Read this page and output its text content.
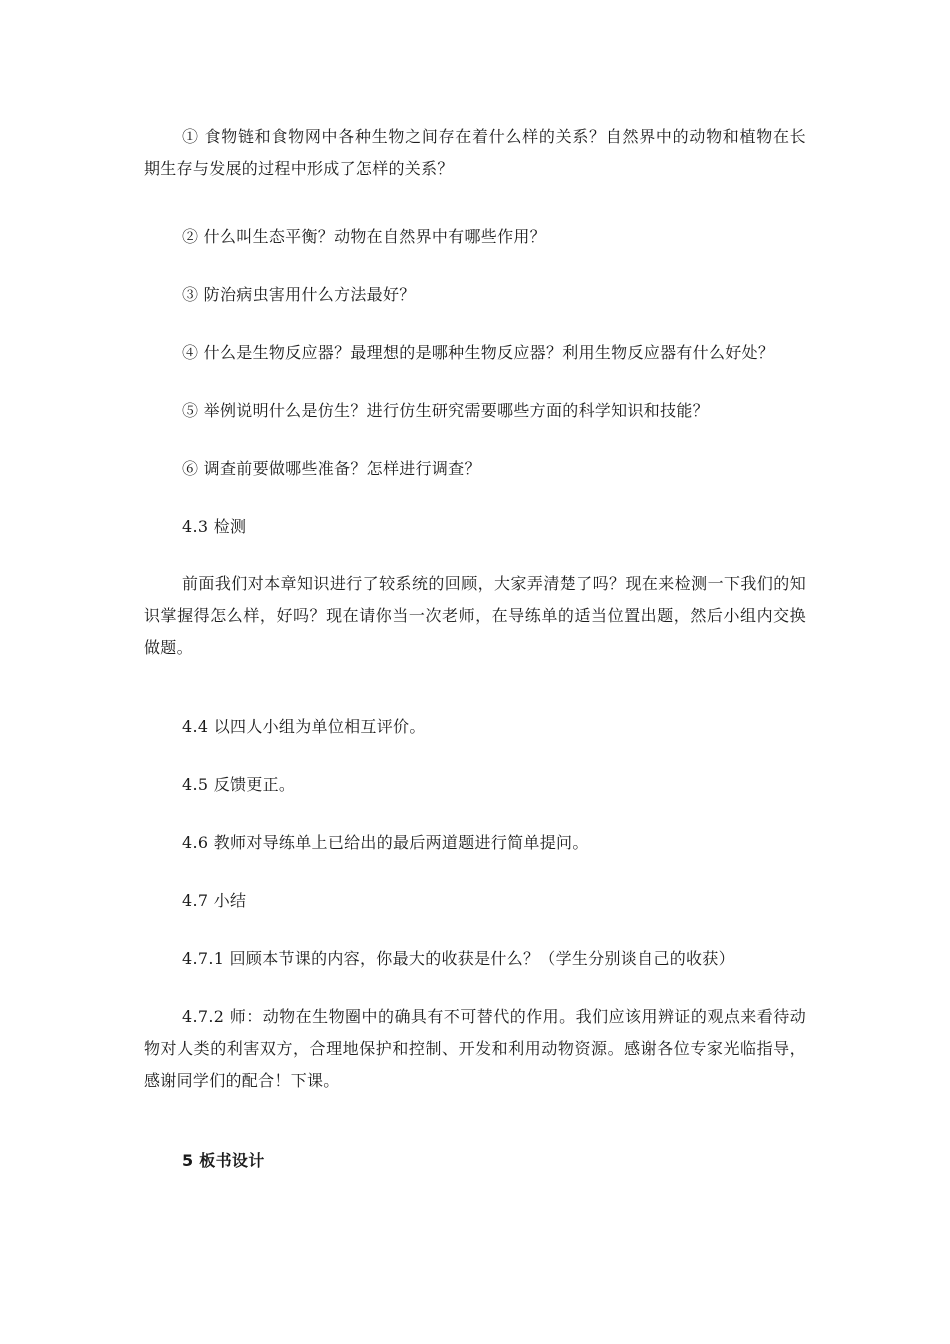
① 食物链和食物网中各种生物之间存在着什么样的关系？自然界中的动物和植物在长期生存与发展的过程中形成了怎样的关系？

② 什么叫生态平衡？动物在自然界中有哪些作用？

③ 防治病虫害用什么方法最好？

④ 什么是生物反应器？最理想的是哪种生物反应器？利用生物反应器有什么好处？

⑤ 举例说明什么是仿生？进行仿生研究需要哪些方面的科学知识和技能？

⑥ 调查前要做哪些准备？怎样进行调查？

4.3 检测

前面我们对本章知识进行了较系统的回顾，大家弄清楚了吗？现在来检测一下我们的知识掌握得怎么样，好吗？现在请你当一次老师，在导练单的适当位置出题，然后小组内交换做题。

4.4 以四人小组为单位相互评价。

4.5 反馈更正。

4.6 教师对导练单上已给出的最后两道题进行简单提问。

4.7 小结

4.7.1 回顾本节课的内容，你最大的收获是什么？（学生分别谈自己的收获）

4.7.2 师：动物在生物圈中的确具有不可替代的作用。我们应该用辨证的观点来看待动物对人类的利害双方，合理地保护和控制、开发和利用动物资源。感谢各位专家光临指导，感谢同学们的配合！下课。

5 板书设计
